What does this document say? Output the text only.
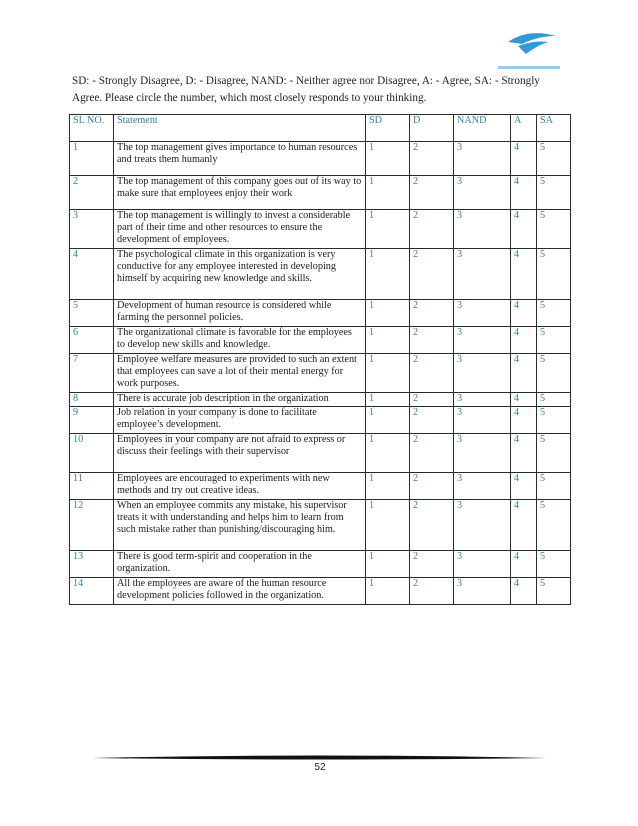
SD: - Strongly Disagree, D: - Disagree, NAND: - Neither agree nor Disagree, A: - Agree, SA: - Strongly Agree. Please circle the number, which most closely responds to your thinking.
SL NO.	Statement	SD	D	NAND	A	SA
1	The top management gives importance to human resources and treats them humanly	1	2	3	4	5
2	The top management of this company goes out of its way to make sure that employees enjoy their work	1	2	3	4	5
3	The top management is willingly to invest a considerable part of their time and other resources to ensure the development of employees.	1	2	3	4	5
4	The psychological climate in this organization is very conductive for any employee interested in developing himself by acquiring new knowledge and skills.	1	2	3	4	5
5	Development of human resource is considered while farming the personnel policies.	1	2	3	4	5
6	The organizational climate is favorable for the employees to develop new skills and knowledge.	1	2	3	4	5
7	Employee welfare measures are provided to such an extent that employees can save a lot of their mental energy for work purposes.	1	2	3	4	5
8	There is accurate job description in the organization	1	2	3	4	5
9	Job relation in your company is done to facilitate employee’s development.	1	2	3	4	5
10	Employees in your company are not afraid to express or discuss their feelings with their supervisor	1	2	3	4	5
11	Employees are encouraged to experiments with new methods and try out creative ideas.	1	2	3	4	5
12	When an employee commits any mistake, his supervisor treats it with understanding and helps him to learn from such mistake rather than punishing/discouraging him.	1	2	3	4	5
13	There is good term-spirit and cooperation in the organization.	1	2	3	4	5
14	All the employees are aware of the human resource development policies followed in the organization.	1	2	3	4	5
52
